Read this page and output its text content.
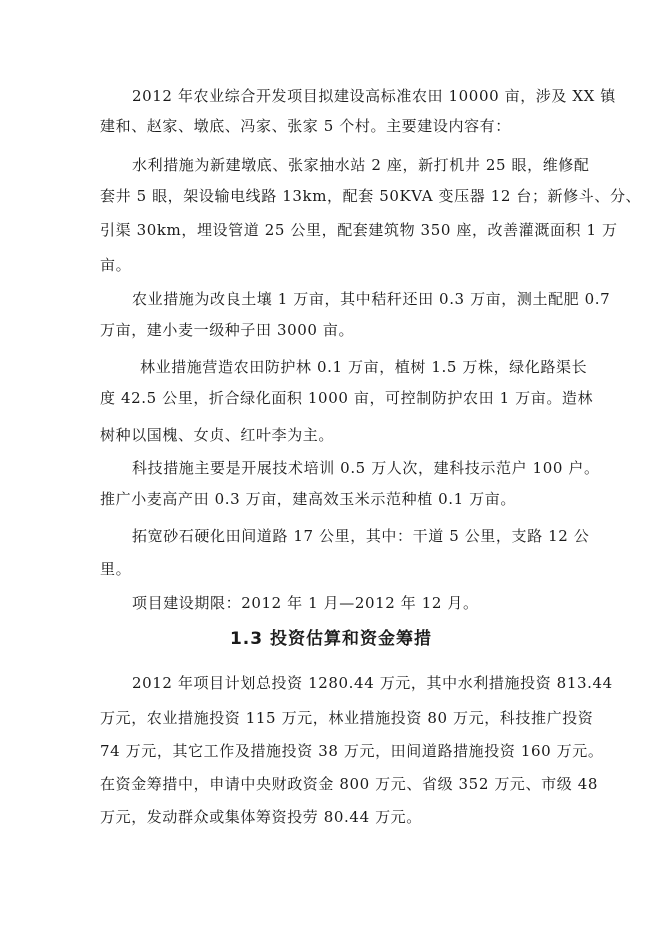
2012 年农业综合开发项目拟建设高标准农田 10000 亩，涉及 XX 镇
建和、赵家、墩底、冯家、张家 5 个村。主要建设内容有：
水利措施为新建墩底、张家抽水站 2 座，新打机井 25 眼，维修配
套井 5 眼，架设输电线路 13km，配套 50KVA 变压器 12 台；新修斗、分、
引渠 30km，埋设管道 25 公里，配套建筑物 350 座，改善灌溉面积 1 万
亩。
农业措施为改良土壤 1 万亩，其中秸秆还田 0.3 万亩，测土配肥 0.7
万亩，建小麦一级种子田 3000 亩。
林业措施营造农田防护林 0.1 万亩，植树 1.5 万株，绿化路渠长
度 42.5 公里，折合绿化面积 1000 亩，可控制防护农田 1 万亩。造林
树种以国槐、女贞、红叶李为主。
科技措施主要是开展技术培训 0.5 万人次，建科技示范户 100 户。
推广小麦高产田 0.3 万亩，建高效玉米示范种植 0.1 万亩。
拓宽砂石硬化田间道路 17 公里，其中：干道 5 公里，支路 12 公
里。
项目建设期限：2012 年 1 月—2012 年 12 月。
1.3 投资估算和资金筹措
2012 年项目计划总投资 1280.44 万元，其中水利措施投资 813.44
万元，农业措施投资 115 万元，林业措施投资 80 万元，科技推广投资
74 万元，其它工作及措施投资 38 万元，田间道路措施投资 160 万元。
在资金筹措中，申请中央财政资金 800 万元、省级 352 万元、市级 48
万元，发动群众或集体筹资投劳 80.44 万元。
